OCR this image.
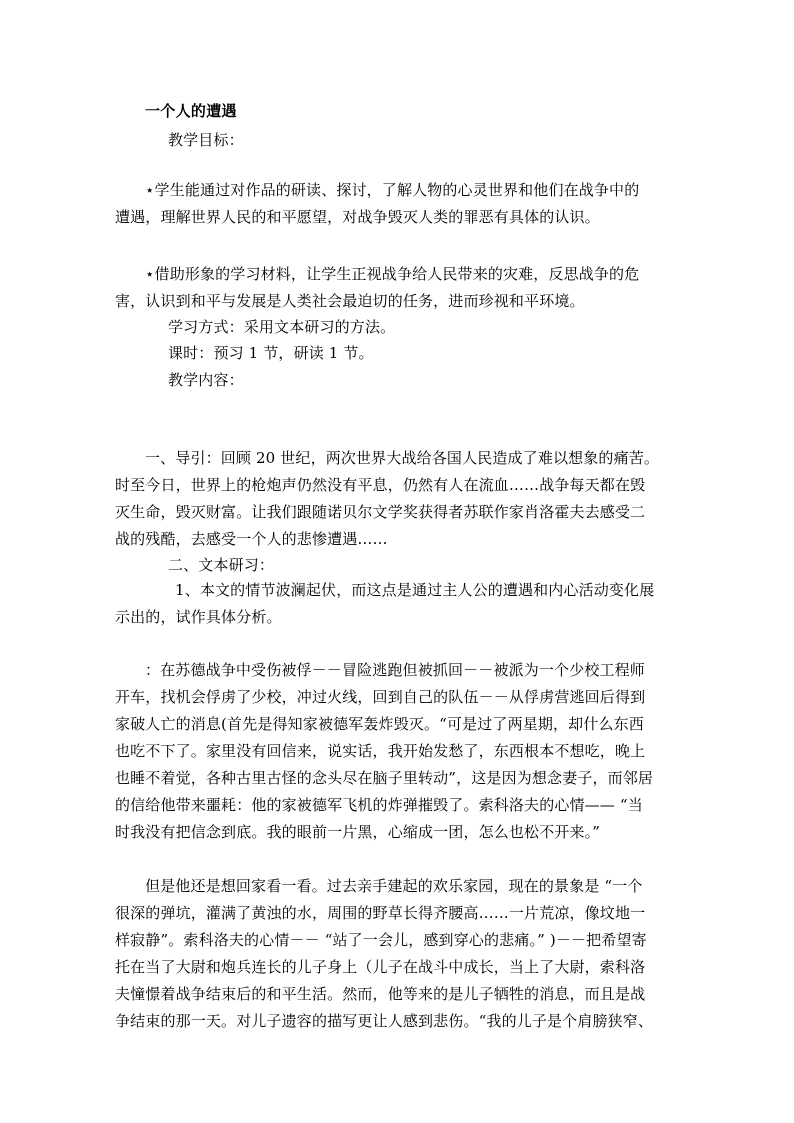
一个人的遭遇
教学目标：
⋆学生能通过对作品的研读、探讨，了解人物的心灵世界和他们在战争中的
遭遇，理解世界人民的和平愿望，对战争毁灭人类的罪恶有具体的认识。
⋆借助形象的学习材料，让学生正视战争给人民带来的灾难，反思战争的危
害，认识到和平与发展是人类社会最迫切的任务，进而珍视和平环境。
学习方式：采用文本研习的方法。
课时：预习 1 节，研读 1 节。
教学内容：
一、导引：回顾 20 世纪，两次世界大战给各国人民造成了难以想象的痛苦。
时至今日，世界上的枪炮声仍然没有平息，仍然有人在流血……战争每天都在毁
灭生命，毁灭财富。让我们跟随诺贝尔文学奖获得者苏联作家肖洛霍夫去感受二
战的残酷，去感受一个人的悲惨遭遇……
二、文本研习：
1、本文的情节波澜起伏，而这点是通过主人公的遭遇和内心活动变化展
示出的，试作具体分析。
：在苏德战争中受伤被俘－－冒险逃跑但被抓回－－被派为一个少校工程师
开车，找机会俘虏了少校，冲过火线，回到自己的队伍－－从俘虏营逃回后得到
家破人亡的消息(首先是得知家被德军轰炸毁灭。“可是过了两星期，却什么东西
也吃不下了。家里没有回信来，说实话，我开始发愁了，东西根本不想吃，晚上
也睡不着觉，各种古里古怪的念头尽在脑子里转动”，这是因为想念妻子，而邻居
的信给他带来噩耗：他的家被德军飞机的炸弹摧毁了。索科洛夫的心情—— “当
时我没有把信念到底。我的眼前一片黑，心缩成一团，怎么也松不开来。”
但是他还是想回家看一看。过去亲手建起的欢乐家园，现在的景象是 “一个
很深的弹坑，灌满了黄浊的水，周围的野草长得齐腰高……一片荒凉，像坟地一
样寂静”。索科洛夫的心情－－ “站了一会儿，感到穿心的悲痛。” )－－把希望寄
托在当了大尉和炮兵连长的儿子身上（儿子在战斗中成长，当上了大尉，索科洛
夫憧憬着战争结束后的和平生活。然而，他等来的是儿子牺牲的消息，而且是战
争结束的那一天。对儿子遗容的描写更让人感到悲伤。“我的儿子是个肩膀狭窄、
